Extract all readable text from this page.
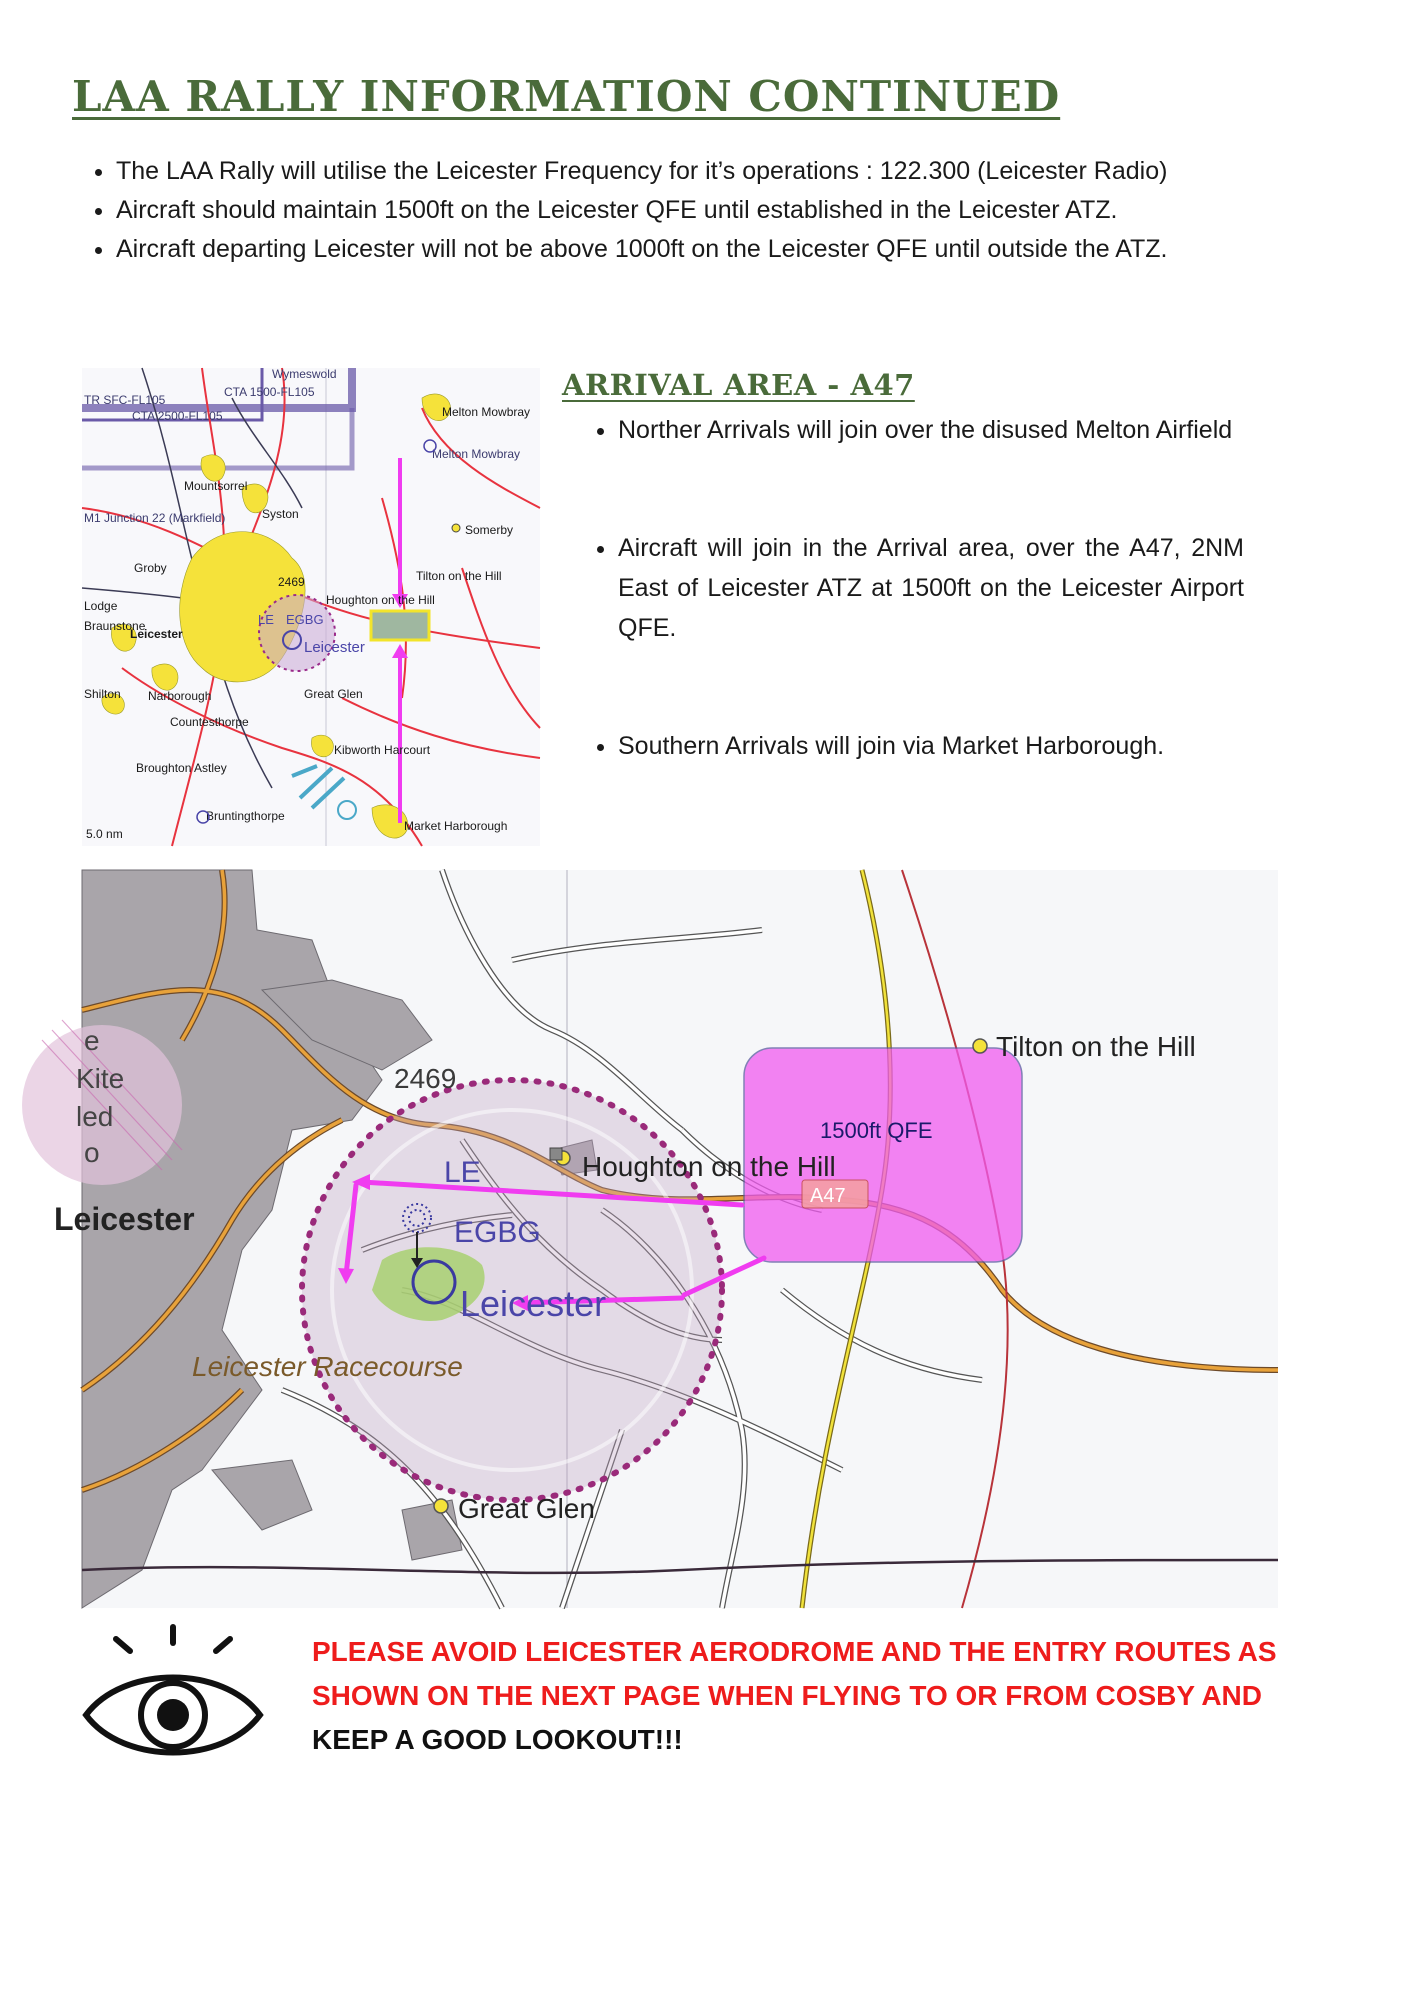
LAA RALLY INFORMATION CONTINUED
• The LAA Rally will utilise the Leicester Frequency for it’s operations : 122.300 (Leicester Radio)
• Aircraft should maintain 1500ft on the Leicester QFE until established in the Leicester ATZ.
• Aircraft departing Leicester will not be above 1000ft on the Leicester QFE until outside the ATZ.
Wymeswold
CTA 1500-FL105
CTA 2500-FL105
TR SFC-FL105
Melton Mowbray
M1 Junction 22 (Markfield)
Melton Mowbray
Mountsorrel
Syston
Somerby
Groby
2469	Tilton on the Hill
Houghton on the Hill
Lodge
Leicester
Braunstone
Shilton Narborough	Great Glen
Countesthorpe
Kibworth Harcourt
Broughton Astley
Bruntingthorpe
5.0 nm
Market Harborough
LE EGBG
Leicester
ARRIVAL AREA - A47
• Norther Arrivals will join over the disused Melton Airfield
• Aircraft will join in the Arrival area, over the A47, 2NM East of Leicester ATZ at 1500ft on the Leicester Airport QFE.
• Southern Arrivals will join via Market Harborough.
2469
LE
EGBG
Leicester
Leicester
Leicester Racecourse
Houghton on the Hill
Tilton on the Hill
Great Glen
1500ft QFE
A47
Kite
e
led
o

PLEASE AVOID LEICESTER AERODROME AND THE ENTRY ROUTES AS SHOWN ON THE NEXT PAGE WHEN FLYING TO OR FROM COSBY AND KEEP A GOOD LOOKOUT!!!
